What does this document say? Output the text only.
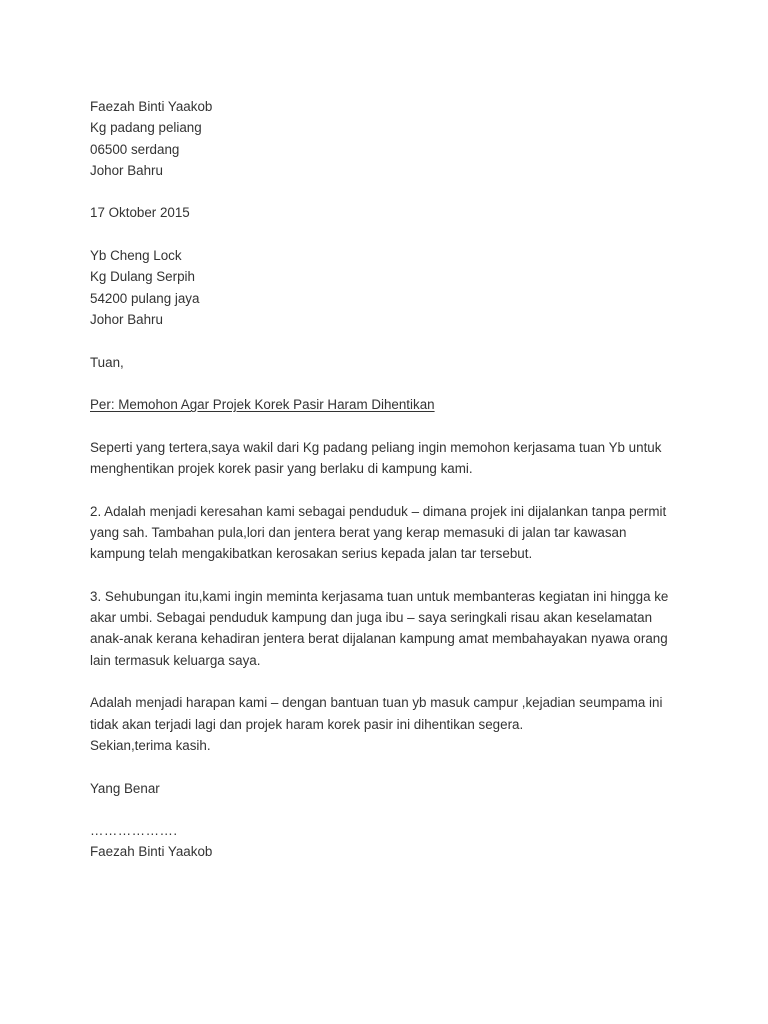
Faezah Binti Yaakob
Kg padang peliang
06500 serdang
Johor Bahru
17 Oktober 2015
Yb Cheng Lock
Kg Dulang Serpih
54200 pulang jaya
Johor Bahru
Tuan,
Per: Memohon Agar Projek Korek Pasir Haram Dihentikan
Seperti yang tertera,saya wakil dari Kg padang peliang ingin memohon kerjasama tuan Yb untuk
menghentikan projek korek pasir yang berlaku di kampung kami.
2. Adalah menjadi keresahan kami sebagai penduduk – dimana projek ini dijalankan tanpa permit
yang sah. Tambahan pula,lori dan jentera berat yang kerap memasuki di jalan tar kawasan
kampung telah mengakibatkan kerosakan serius kepada jalan tar tersebut.
3. Sehubungan itu,kami ingin meminta kerjasama tuan untuk membanteras kegiatan ini hingga ke
akar umbi. Sebagai penduduk kampung dan juga ibu – saya seringkali risau akan keselamatan
anak-anak kerana kehadiran jentera berat dijalanan kampung amat membahayakan nyawa orang
lain termasuk keluarga saya.
Adalah menjadi harapan kami – dengan bantuan tuan yb masuk campur ,kejadian seumpama ini
tidak akan terjadi lagi dan projek haram korek pasir ini dihentikan segera.
Sekian,terima kasih.
Yang Benar
……………….
Faezah Binti Yaakob
